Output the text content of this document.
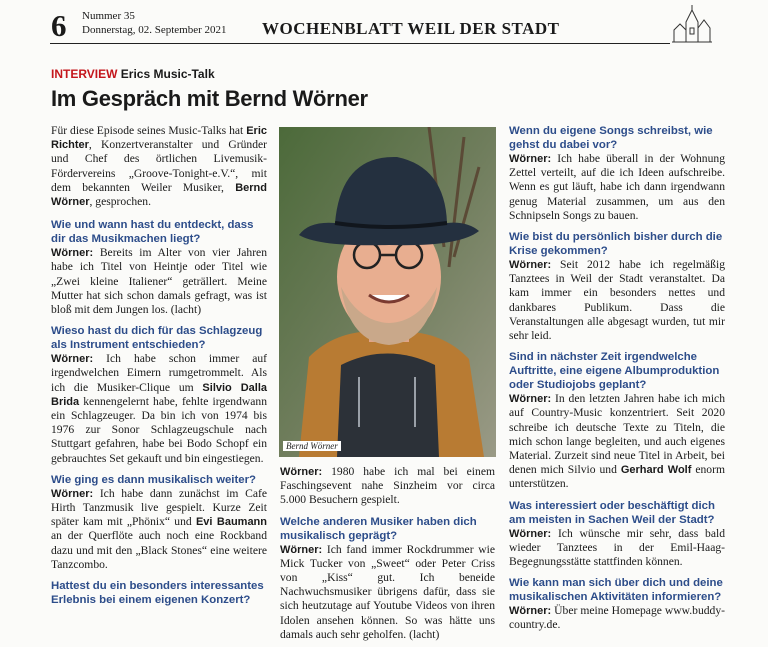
6 Nummer 35
Donnerstag, 02. September 2021 WOCHENBLATT WEIL DER STADT
INTERVIEW Erics Music-Talk
Im Gespräch mit Bernd Wörner

Für diese Episode seines Music-Talks hat Eric Richter, Konzertveranstalter und Gründer und Chef des örtlichen Livemusik-Fördervereins „Groove-Tonight-e.V.“, mit dem bekannten Weiler Musiker, Bernd Wörner, gesprochen.

Wie und wann hast du entdeckt, dass dir das Musikmachen liegt?

Wörner: Bereits im Alter von vier Jahren habe ich Titel von Heintje oder Titel wie „Zwei kleine Italiener“ geträllert. Meine Mutter hat sich schon damals gefragt, was ist bloß mit dem Jungen los. (lacht)

Wieso hast du dich für das Schlagzeug als Instrument entschieden?

Wörner: Ich habe schon immer auf irgendwelchen Eimern rumgetrommelt. Als ich die Musiker-Clique um Silvio Dalla Brida kennengelernt habe, fehlte irgendwann ein Schlagzeuger. Da bin ich von 1974 bis 1976 zur Sonor Schlagzeugschule nach Stuttgart gefahren, habe bei Bodo Schopf ein gebrauchtes Set gekauft und bin eingestiegen.

Wie ging es dann musikalisch weiter?

Wörner: Ich habe dann zunächst im Cafe Hirth Tanzmusik live gespielt. Kurze Zeit später kam mit „Phönix“ und Evi Baumann an der Querflöte auch noch eine Rockband dazu und mit den „Black Stones“ eine weitere Tanzcombo.

Hattest du ein besonders interessantes Erlebnis bei einem eigenen Konzert?
Bernd Wörner

Wörner: 1980 habe ich mal bei einem Faschingsevent nahe Sinzheim vor circa 5.000 Besuchern gespielt.

Welche anderen Musiker haben dich musikalisch geprägt?

Wörner: Ich fand immer Rockdrummer wie Mick Tucker von „Sweet“ oder Peter Criss von „Kiss“ gut. Ich beneide Nachwuchsmusiker übrigens dafür, dass sie sich heutzutage auf Youtube Videos von ihren Idolen ansehen können. So was hätte uns damals auch sehr geholfen. (lacht)

Wenn du eigene Songs schreibst, wie gehst du dabei vor?

Wörner: Ich habe überall in der Wohnung Zettel verteilt, auf die ich Ideen aufschreibe. Wenn es gut läuft, habe ich dann irgendwann genug Material zusammen, um aus den Schnipseln Songs zu bauen.

Wie bist du persönlich bisher durch die Krise gekommen?

Wörner: Seit 2012 habe ich regelmäßig Tanztees in Weil der Stadt veranstaltet. Da kam immer ein besonders nettes und dankbares Publikum. Dass die Veranstaltungen alle abgesagt wurden, tut mir sehr leid.

Sind in nächster Zeit irgendwelche Auftritte, eine eigene Albumproduktion oder Studiojobs geplant?

Wörner: In den letzten Jahren habe ich mich auf Country-Music konzentriert. Seit 2020 schreibe ich deutsche Texte zu Titeln, die mich schon lange begleiten, und auch eigenes Material. Zurzeit sind neue Titel in Arbeit, bei denen mich Silvio und Gerhard Wolf enorm unterstützen.

Was interessiert oder beschäftigt dich am meisten in Sachen Weil der Stadt?

Wörner: Ich wünsche mir sehr, dass bald wieder Tanztees in der Emil-Haag-Begegnungsstätte stattfinden können.

Wie kann man sich über dich und deine musikalischen Aktivitäten informieren?

Wörner: Über meine Homepage www.buddy-country.de.
